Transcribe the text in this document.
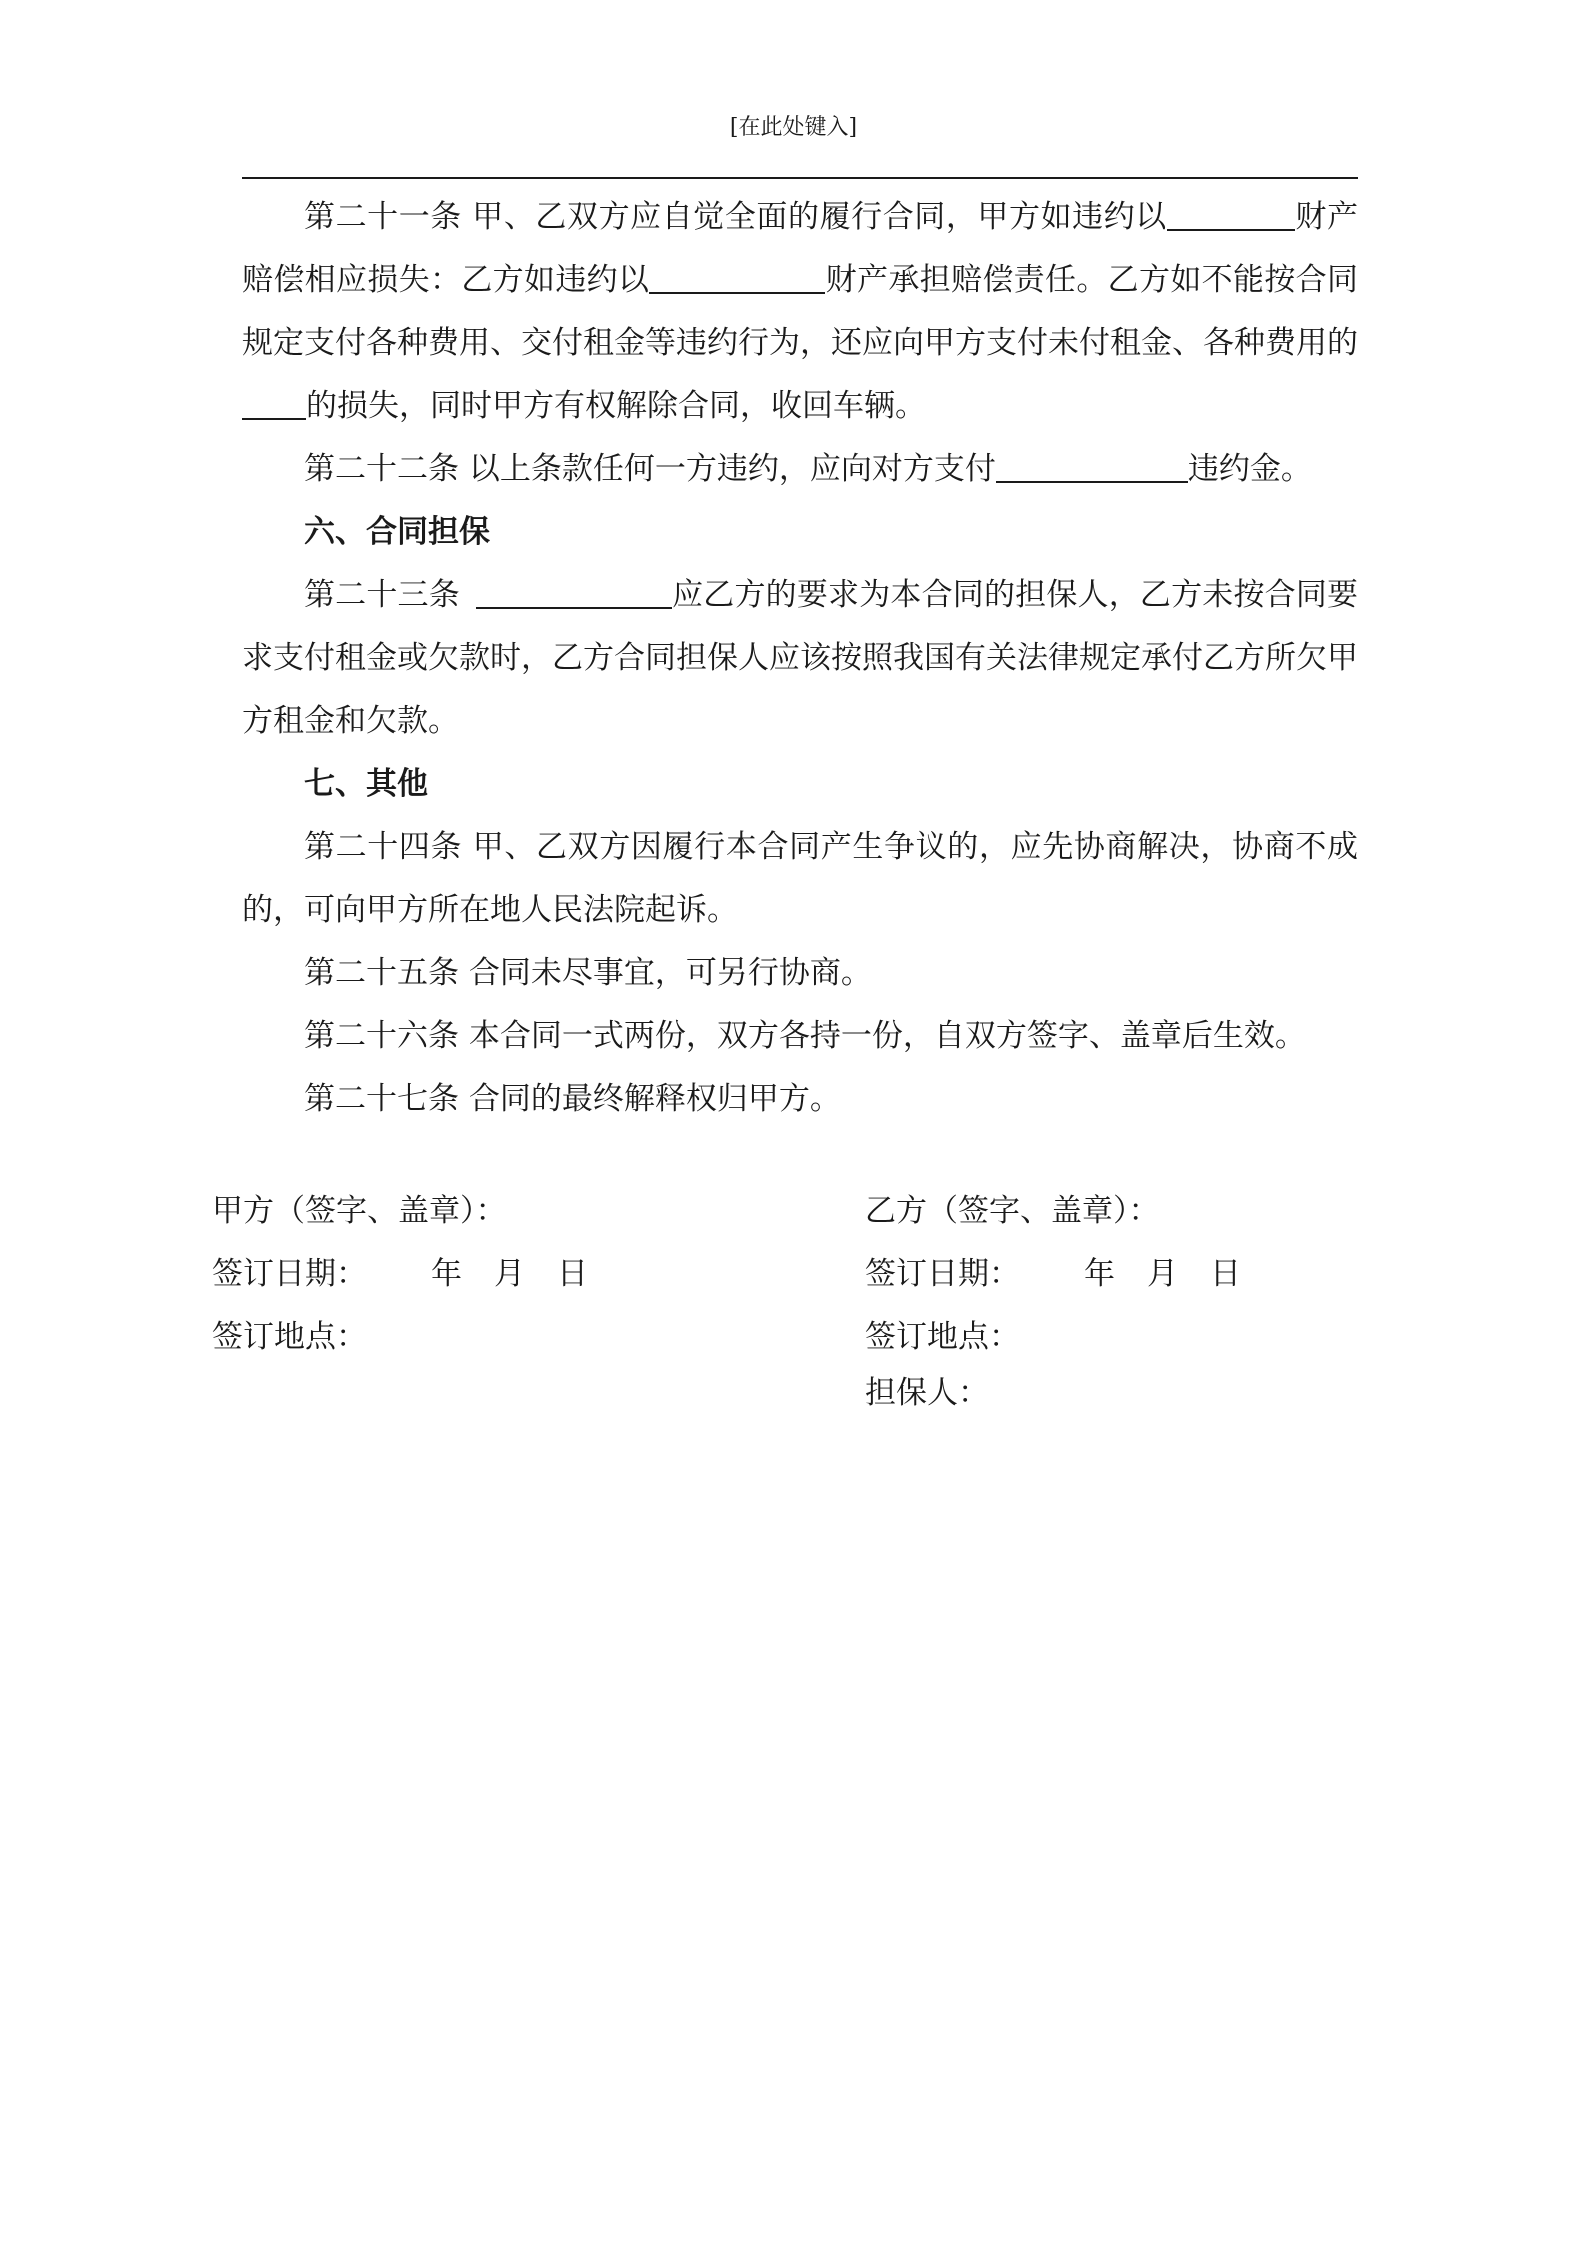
[在此处键入]

第二十一条 甲、乙双方应自觉全面的履行合同，甲方如违约以	财产赔偿相应损失：乙方如违约以	财产承担赔偿责任。乙方如不能按合同规定支付各种费用、交付租金等违约行为，还应向甲方支付未付租金、各种费用的的损失，同时甲方有权解除合同，收回车辆。

第二十二条 以上条款任何一方违约，应向对方支付	违约金。

六、合同担保

第二十三条	应乙方的要求为本合同的担保人，乙方未按合同要求支付租金或欠款时，乙方合同担保人应该按照我国有关法律规定承付乙方所欠甲方租金和欠款。

七、其他

第二十四条 甲、乙双方因履行本合同产生争议的，应先协商解决，协商不成的，可向甲方所在地人民法院起诉。

第二十五条 合同未尽事宜，可另行协商。

第二十六条 本合同一式两份，双方各持一份，自双方签字、盖章后生效。

第二十七条 合同的最终解释权归甲方。

甲方（签字、盖章）：

签订日期： 年 月 日

签订地点：

乙方（签字、盖章）：

签订日期： 年 月 日

签订地点：

担保人：
